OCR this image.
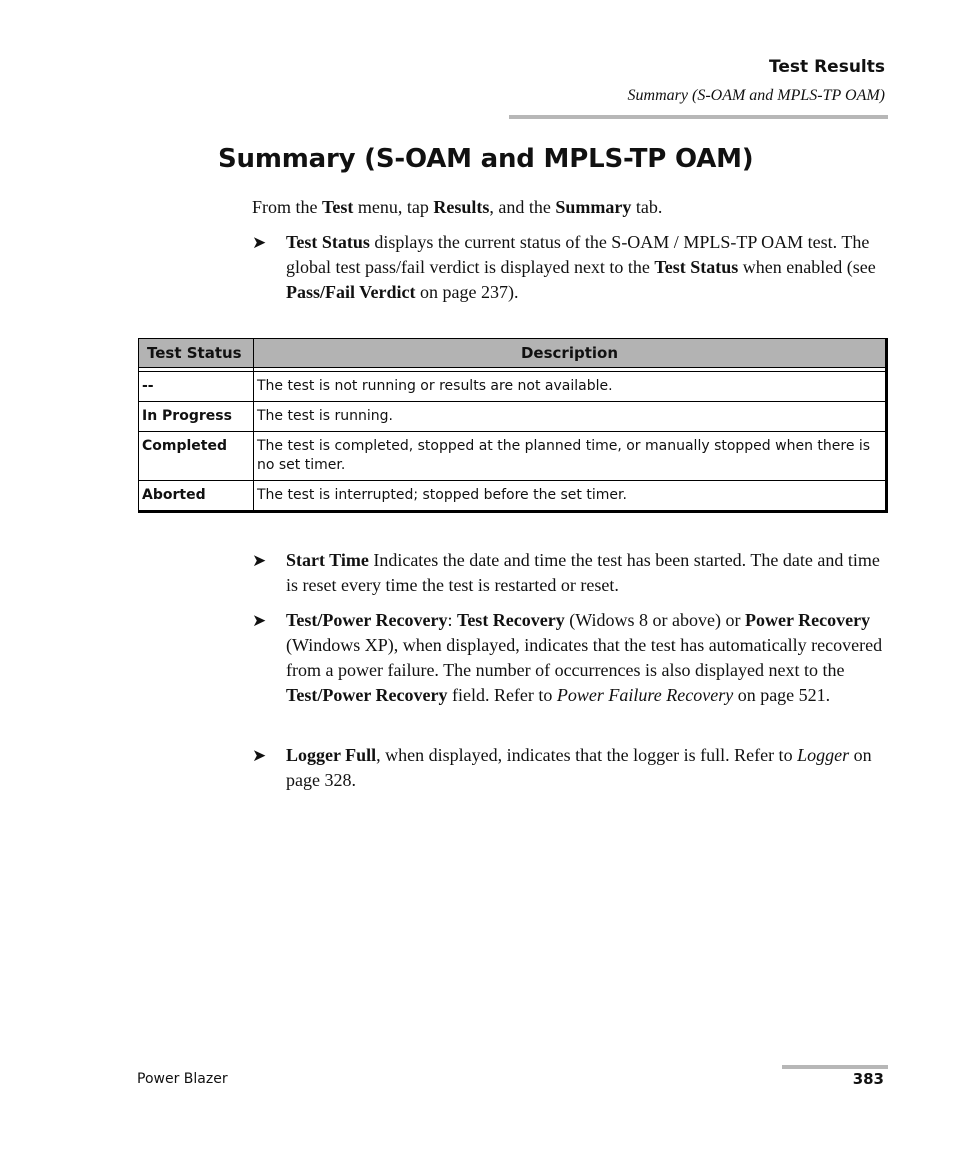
Test Results
Summary (S-OAM and MPLS-TP OAM)
Summary (S-OAM and MPLS-TP OAM)

From the Test menu, tap Results, and the Summary tab.

➤	Test Status displays the current status of the S-OAM / MPLS-TP OAM test. The global test pass/fail verdict is displayed next to the Test Status when enabled (see Pass/Fail Verdict on page 237).
Test Status	Description

--	The test is not running or results are not available.
In Progress	The test is running.
Completed	The test is completed, stopped at the planned time, or manually stopped when there is no set timer.
Aborted	The test is interrupted; stopped before the set timer.
➤	Start Time Indicates the date and time the test has been started. The date and time is reset every time the test is restarted or reset.
➤	Test/Power Recovery: Test Recovery (Widows 8 or above) or Power Recovery (Windows XP), when displayed, indicates that the test has automatically recovered from a power failure. The number of occurrences is also displayed next to the Test/Power Recovery field. Refer to Power Failure Recovery on page 521.
➤	Logger Full, when displayed, indicates that the logger is full. Refer to Logger on page 328.
Power Blazer	383
